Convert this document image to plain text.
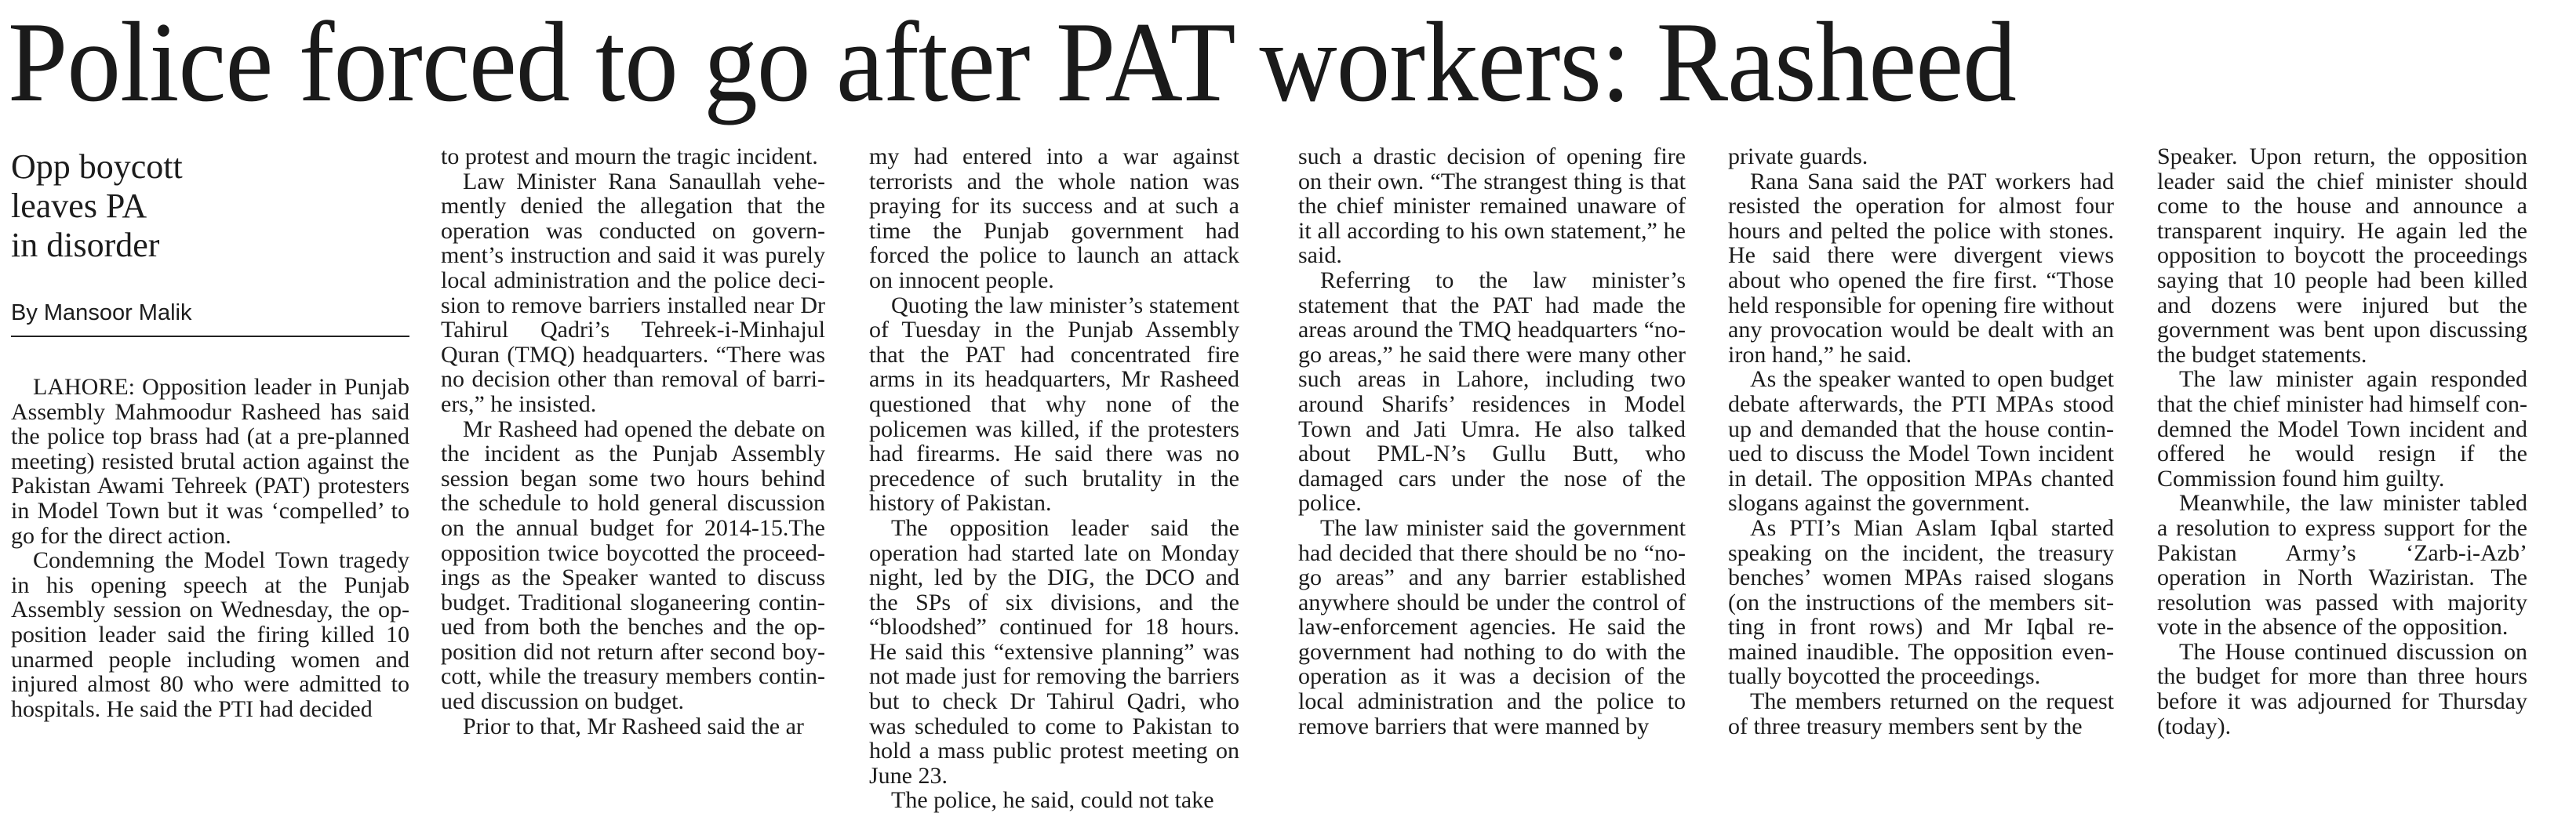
Police forced to go after PAT workers: Rasheed
Opp boycott
leaves PA
in disorder
By Mansoor Malik

LAHORE: Opposition leader in Punjab Assembly Mahmoodur Rasheed has said the police top brass had (at a pre-planned meeting) resisted brutal action against the Pakistan Awami Tehreek (PAT) protesters in Model Town but it was ‘compelled’ to go for the direct action.

Condemning the Model Town tragedy in his opening speech at the Punjab Assembly session on Wednesday, the opposition leader said the firing killed 10 unarmed people including women and injured almost 80 who were admitted to hospitals. He said the PTI had decided

to protest and mourn the tragic incident.

Law Minister Rana Sanaullah vehemently denied the allegation that the operation was conducted on government’s instruction and said it was purely local administration and the police decision to remove barriers installed near Dr Tahirul Qadri’s Tehreek-i-Minhajul Quran (TMQ) headquarters. “There was no decision other than removal of barriers,” he insisted.

Mr Rasheed had opened the debate on the incident as the Punjab Assembly session began some two hours behind the schedule to hold general discussion on the annual budget for 2014-15.The opposition twice boycotted the proceedings as the Speaker wanted to discuss budget. Traditional sloganeering continued from both the benches and the opposition did not return after second boycott, while the treasury members continued discussion on budget.

Prior to that, Mr Rasheed said the ar

my had entered into a war against terrorists and the whole nation was praying for its success and at such a time the Punjab government had forced the police to launch an attack on innocent people.

Quoting the law minister’s statement of Tuesday in the Punjab Assembly that the PAT had concentrated fire arms in its headquarters, Mr Rasheed questioned that why none of the policemen was killed, if the protesters had firearms. He said there was no precedence of such brutality in the history of Pakistan.

The opposition leader said the operation had started late on Monday night, led by the DIG, the DCO and the SPs of six divisions, and the “bloodshed” continued for 18 hours. He said this “extensive planning” was not made just for removing the barriers but to check Dr Tahirul Qadri, who was scheduled to come to Pakistan to hold a mass public protest meeting on June 23.

The police, he said, could not take

such a drastic decision of opening fire on their own. “The strangest thing is that the chief minister remained unaware of it all according to his own statement,” he said.

Referring to the law minister’s statement that the PAT had made the areas around the TMQ headquarters “no-go areas,” he said there were many other such areas in Lahore, including two around Sharifs’ residences in Model Town and Jati Umra. He also talked about PML-N’s Gullu Butt, who damaged cars under the nose of the police.

The law minister said the government had decided that there should be no “no-go areas” and any barrier established anywhere should be under the control of law-enforcement agencies. He said the government had nothing to do with the operation as it was a decision of the local administration and the police to remove barriers that were manned by

private guards.

Rana Sana said the PAT workers had resisted the operation for almost four hours and pelted the police with stones. He said there were divergent views about who opened the fire first. “Those held responsible for opening fire without any provocation would be dealt with an iron hand,” he said.

As the speaker wanted to open budget debate afterwards, the PTI MPAs stood up and demanded that the house continued to discuss the Model Town incident in detail. The opposition MPAs chanted slogans against the government.

As PTI’s Mian Aslam Iqbal started speaking on the incident, the treasury benches’ women MPAs raised slogans (on the instructions of the members sitting in front rows) and Mr Iqbal remained inaudible. The opposition eventually boycotted the proceedings.

The members returned on the request of three treasury members sent by the

Speaker. Upon return, the opposition leader said the chief minister should come to the house and announce a transparent inquiry. He again led the opposition to boycott the proceedings saying that 10 people had been killed and dozens were injured but the government was bent upon discussing the budget statements.

The law minister again responded that the chief minister had himself condemned the Model Town incident and offered he would resign if the Commission found him guilty.

Meanwhile, the law minister tabled a resolution to express support for the Pakistan Army’s ‘Zarb-i-Azb’ operation in North Waziristan. The resolution was passed with majority vote in the absence of the opposition.

The House continued discussion on the budget for more than three hours before it was adjourned for Thursday (today).
